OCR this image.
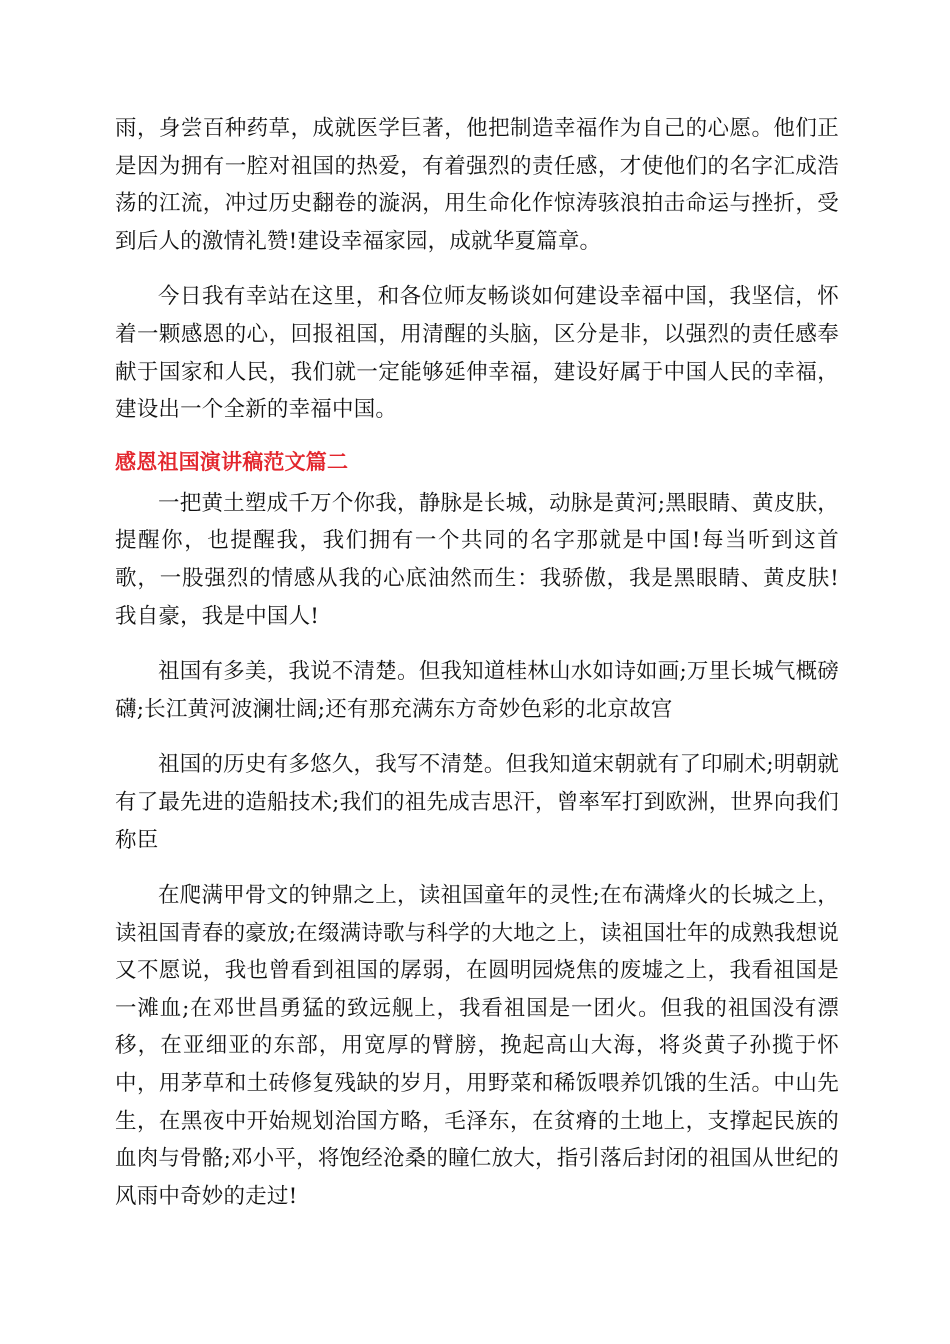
雨，身尝百种药草，成就医学巨著，他把制造幸福作为自己的心愿。他们正是因为拥有一腔对祖国的热爱，有着强烈的责任感，才使他们的名字汇成浩荡的江流，冲过历史翻卷的漩涡，用生命化作惊涛骇浪拍击命运与挫折，受到后人的激情礼赞!建设幸福家园，成就华夏篇章。

今日我有幸站在这里，和各位师友畅谈如何建设幸福中国，我坚信，怀着一颗感恩的心，回报祖国，用清醒的头脑，区分是非，以强烈的责任感奉献于国家和人民，我们就一定能够延伸幸福，建设好属于中国人民的幸福，建设出一个全新的幸福中国。

感恩祖国演讲稿范文篇二

一把黄土塑成千万个你我，静脉是长城，动脉是黄河;黑眼睛、黄皮肤，提醒你，也提醒我，我们拥有一个共同的名字那就是中国!每当听到这首歌，一股强烈的情感从我的心底油然而生：我骄傲，我是黑眼睛、黄皮肤!我自豪，我是中国人!

祖国有多美，我说不清楚。但我知道桂林山水如诗如画;万里长城气概磅礴;长江黄河波澜壮阔;还有那充满东方奇妙色彩的北京故宫

祖国的历史有多悠久，我写不清楚。但我知道宋朝就有了印刷术;明朝就有了最先进的造船技术;我们的祖先成吉思汗，曾率军打到欧洲，世界向我们称臣

在爬满甲骨文的钟鼎之上，读祖国童年的灵性;在布满烽火的长城之上，读祖国青春的豪放;在缀满诗歌与科学的大地之上，读祖国壮年的成熟我想说又不愿说，我也曾看到祖国的孱弱，在圆明园烧焦的废墟之上，我看祖国是一滩血;在邓世昌勇猛的致远舰上，我看祖国是一团火。但我的祖国没有漂移，在亚细亚的东部，用宽厚的臂膀，挽起高山大海，将炎黄子孙揽于怀中，用茅草和土砖修复残缺的岁月，用野菜和稀饭喂养饥饿的生活。中山先生，在黑夜中开始规划治国方略，毛泽东，在贫瘠的土地上，支撑起民族的血肉与骨骼;邓小平，将饱经沧桑的瞳仁放大，指引落后封闭的祖国从世纪的风雨中奇妙的走过!
